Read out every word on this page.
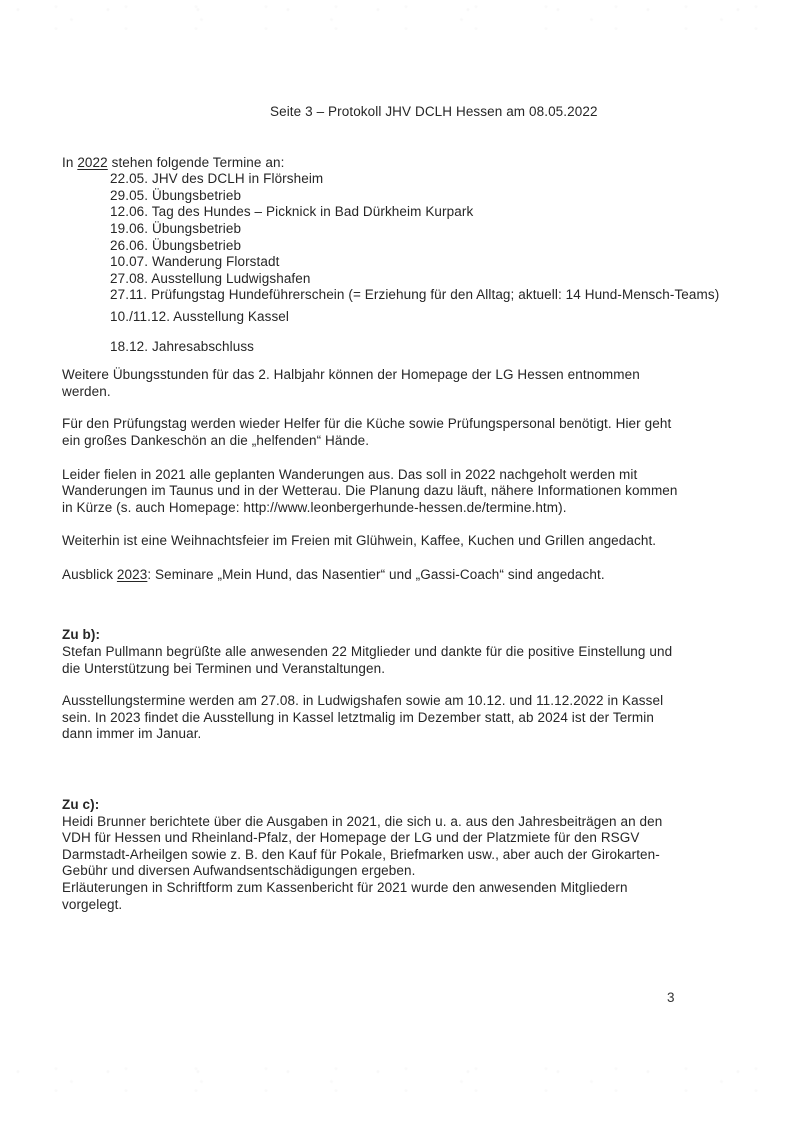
Seite 3 – Protokoll JHV DCLH Hessen am 08.05.2022
In 2022 stehen folgende Termine an:
22.05. JHV des DCLH in Flörsheim
29.05. Übungsbetrieb
12.06. Tag des Hundes – Picknick in Bad Dürkheim Kurpark
19.06. Übungsbetrieb
26.06. Übungsbetrieb
10.07. Wanderung Florstadt
27.08. Ausstellung Ludwigshafen
27.11. Prüfungstag Hundeführerschein (= Erziehung für den Alltag; aktuell: 14 Hund-Mensch-Teams)
10./11.12. Ausstellung Kassel
18.12. Jahresabschluss
Weitere Übungsstunden für das 2. Halbjahr können der Homepage der LG Hessen entnommen werden.
Für den Prüfungstag werden wieder Helfer für die Küche sowie Prüfungspersonal benötigt. Hier geht ein großes Dankeschön an die „helfenden“ Hände.
Leider fielen in 2021 alle geplanten Wanderungen aus. Das soll in 2022 nachgeholt werden mit Wanderungen im Taunus und in der Wetterau. Die Planung dazu läuft, nähere Informationen kommen in Kürze (s. auch Homepage: http://www.leonbergerhunde-hessen.de/termine.htm).
Weiterhin ist eine Weihnachtsfeier im Freien mit Glühwein, Kaffee, Kuchen und Grillen angedacht.
Ausblick 2023: Seminare „Mein Hund, das Nasentier“ und „Gassi-Coach“ sind angedacht.
Zu b):
Stefan Pullmann begrüßte alle anwesenden 22 Mitglieder und dankte für die positive Einstellung und die Unterstützung bei Terminen und Veranstaltungen.
Ausstellungstermine werden am 27.08. in Ludwigshafen sowie am 10.12. und 11.12.2022 in Kassel sein. In 2023 findet die Ausstellung in Kassel letztmalig im Dezember statt, ab 2024 ist der Termin dann immer im Januar.
Zu c):
Heidi Brunner berichtete über die Ausgaben in 2021, die sich u. a. aus den Jahresbeiträgen an den VDH für Hessen und Rheinland-Pfalz, der Homepage der LG und der Platzmiete für den RSGV Darmstadt-Arheilgen sowie z. B. den Kauf für Pokale, Briefmarken usw., aber auch der Girokarten-Gebühr und diversen Aufwandsentschädigungen ergeben.
Erläuterungen in Schriftform zum Kassenbericht für 2021 wurde den anwesenden Mitgliedern vorgelegt.
3
